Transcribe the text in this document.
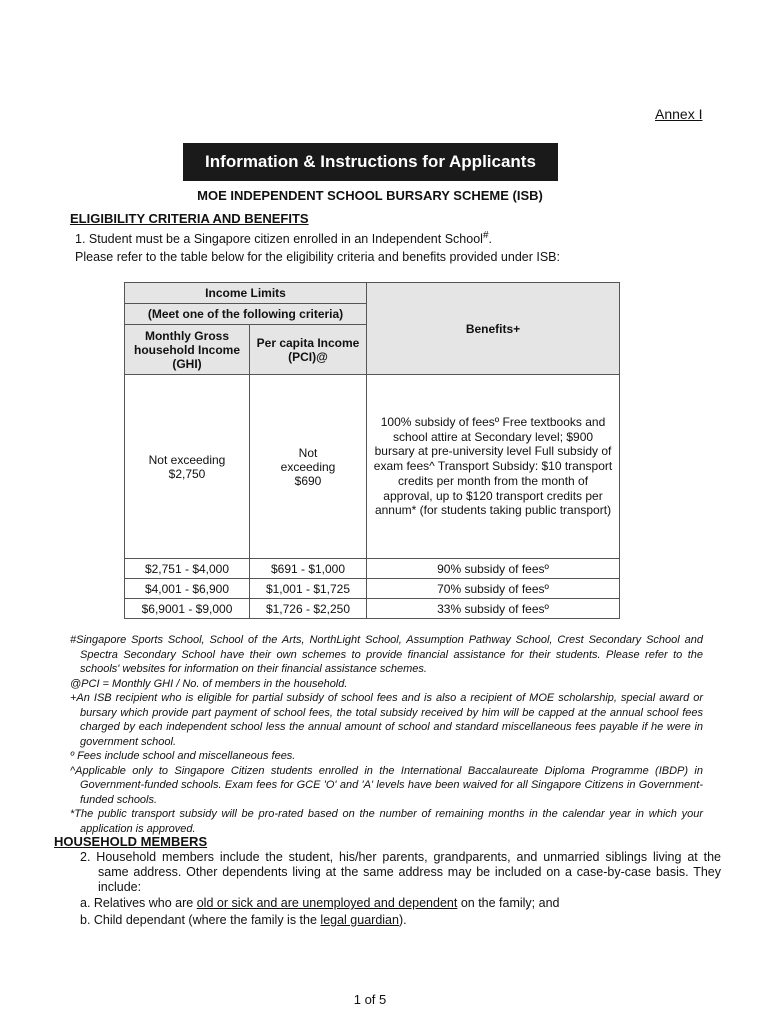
Annex I
Information & Instructions for Applicants
MOE INDEPENDENT SCHOOL BURSARY SCHEME (ISB)
ELIGIBILITY CRITERIA AND BENEFITS
1. Student must be a Singapore citizen enrolled in an Independent School#.
Please refer to the table below for the eligibility criteria and benefits provided under ISB:
Income Limits		Benefits+
(Meet one of the following criteria)		
Monthly Gross household Income (GHI)	Per capita Income (PCI)@	
Not exceeding $2,750	Not exceeding $690	100% subsidy of feesº Free textbooks and school attire at Secondary level; $900 bursary at pre-university level Full subsidy of exam fees^ Transport Subsidy: $10 transport credits per month from the month of approval, up to $120 transport credits per annum* (for students taking public transport)
$2,751 - $4,000	$691 - $1,000	90% subsidy of feesº
$4,001 - $6,900	$1,001 - $1,725	70% subsidy of feesº
$6,9001 - $9,000	$1,726 - $2,250	33% subsidy of feesº
#Singapore Sports School, School of the Arts, NorthLight School, Assumption Pathway School, Crest Secondary School and Spectra Secondary School have their own schemes to provide financial assistance for their students. Please refer to the schools' websites for information on their financial assistance schemes.
@PCI = Monthly GHI / No. of members in the household.
+An ISB recipient who is eligible for partial subsidy of school fees and is also a recipient of MOE scholarship, special award or bursary which provide part payment of school fees, the total subsidy received by him will be capped at the annual school fees charged by each independent school less the annual amount of school and standard miscellaneous fees payable if he were in government school.
º Fees include school and miscellaneous fees.
^Applicable only to Singapore Citizen students enrolled in the International Baccalaureate Diploma Programme (IBDP) in Government-funded schools. Exam fees for GCE 'O' and 'A' levels have been waived for all Singapore Citizens in Government-funded schools.
*The public transport subsidy will be pro-rated based on the number of remaining months in the calendar year in which your application is approved.
HOUSEHOLD MEMBERS
2. Household members include the student, his/her parents, grandparents, and unmarried siblings living at the same address. Other dependents living at the same address may be included on a case-by-case basis. They include:
a. Relatives who are old or sick and are unemployed and dependent on the family; and
b. Child dependant (where the family is the legal guardian).
1 of 5
